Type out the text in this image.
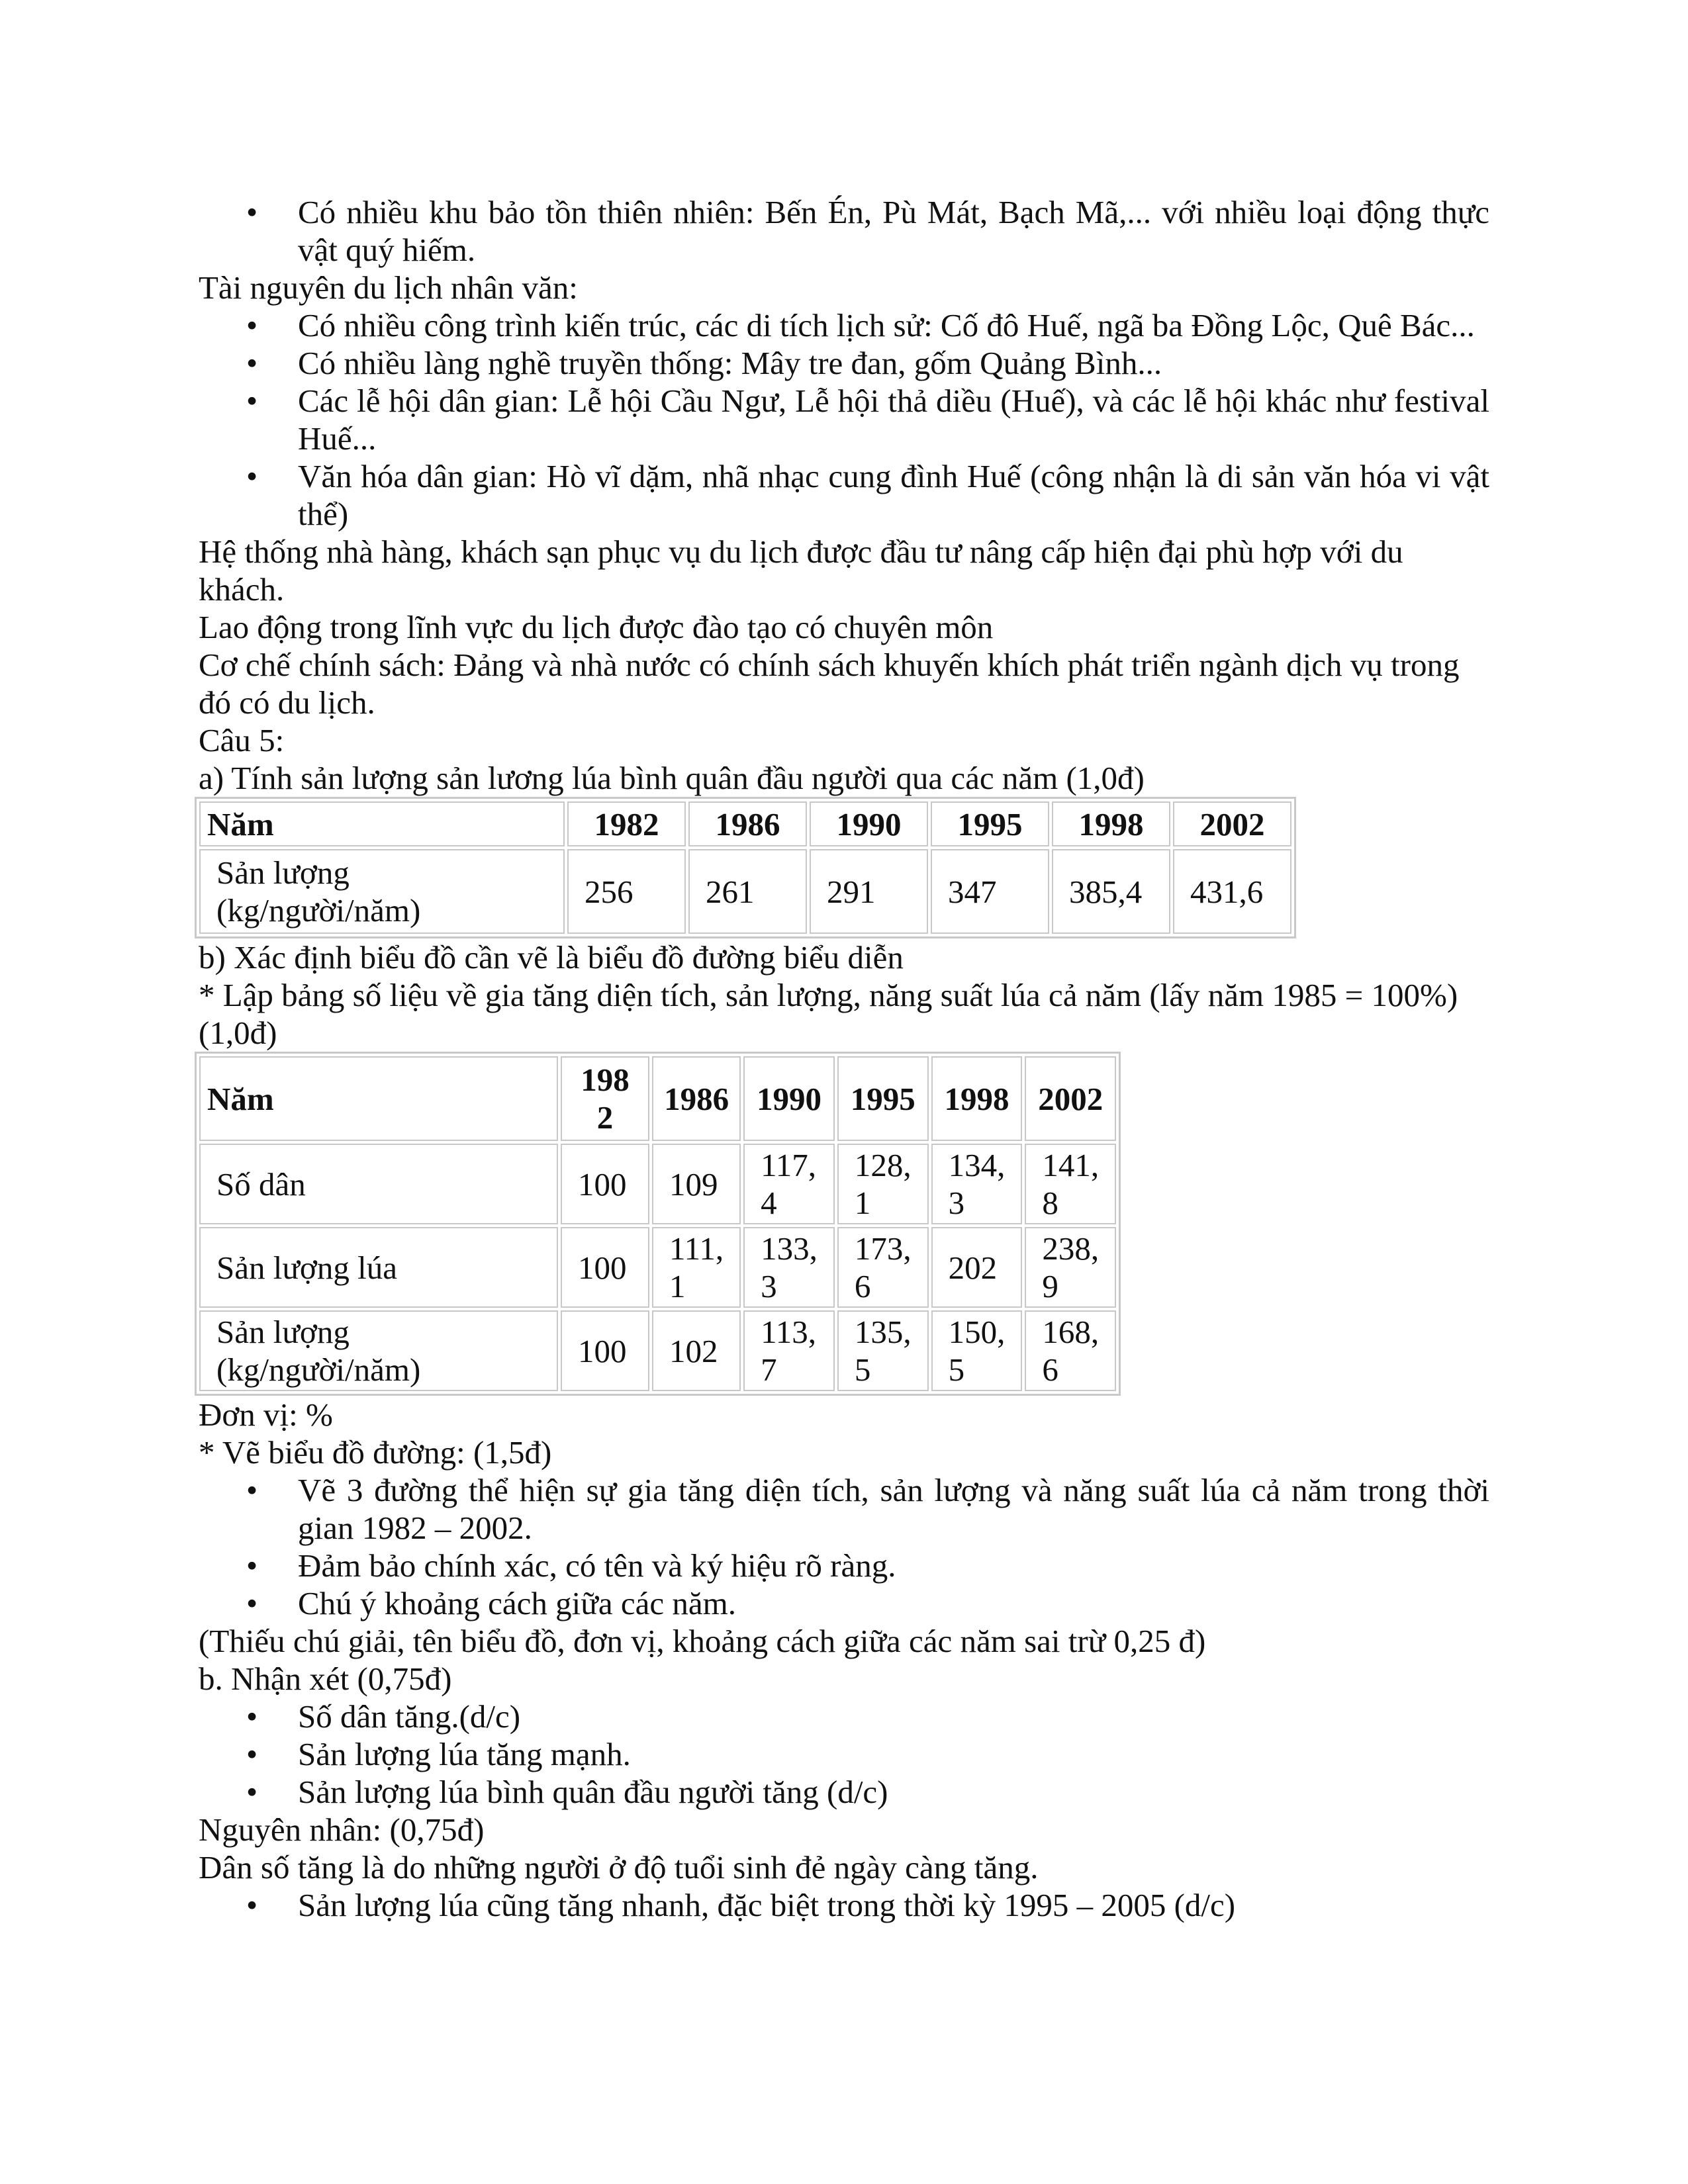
• Có nhiều khu bảo tồn thiên nhiên: Bến Én, Pù Mát, Bạch Mã,... với nhiều loại động thực vật quý hiếm.

Tài nguyên du lịch nhân văn:

• Có nhiều công trình kiến trúc, các di tích lịch sử: Cố đô Huế, ngã ba Đồng Lộc, Quê Bác...
• Có nhiều làng nghề truyền thống: Mây tre đan, gốm Quảng Bình...
• Các lễ hội dân gian: Lễ hội Cầu Ngư, Lễ hội thả diều (Huế), và các lễ hội khác như festival Huế...
• Văn hóa dân gian: Hò vĩ dặm, nhã nhạc cung đình Huế (công nhận là di sản văn hóa vi vật thể)

Hệ thống nhà hàng, khách sạn phục vụ du lịch được đầu tư nâng cấp hiện đại phù hợp với du khách.

Lao động trong lĩnh vực du lịch được đào tạo có chuyên môn

Cơ chế chính sách: Đảng và nhà nước có chính sách khuyến khích phát triển ngành dịch vụ trong đó có du lịch.

Câu 5:

a) Tính sản lượng sản lương lúa bình quân đầu người qua các năm (1,0đ)

Năm	1982	1986	1990	1995	1998	2002
Sản lượng (kg/người/năm)	256	261	291	347	385,4	431,6

b) Xác định biểu đồ cần vẽ là biểu đồ đường biểu diễn

* Lập bảng số liệu về gia tăng diện tích, sản lượng, năng suất lúa cả năm (lấy năm 1985 = 100%) (1,0đ)

Năm	198 2	1986	1990	1995	1998	2002
Số dân	100	109	117, 4	128, 1	134, 3	141, 8
Sản lượng lúa	100	111, 1	133, 3	173, 6	202	238, 9
Sản lượng (kg/người/năm)	100	102	113, 7	135, 5	150, 5	168, 6

Đơn vị: %

* Vẽ biểu đồ đường: (1,5đ)

• Vẽ 3 đường thể hiện sự gia tăng diện tích, sản lượng và năng suất lúa cả năm trong thời gian 1982 – 2002.
• Đảm bảo chính xác, có tên và ký hiệu rõ ràng.
• Chú ý khoảng cách giữa các năm.

(Thiếu chú giải, tên biểu đồ, đơn vị, khoảng cách giữa các năm sai trừ 0,25 đ)

b. Nhận xét (0,75đ)

• Số dân tăng.(d/c)
• Sản lượng lúa tăng mạnh.
• Sản lượng lúa bình quân đầu người tăng (d/c)

Nguyên nhân: (0,75đ)

Dân số tăng là do những người ở độ tuổi sinh đẻ ngày càng tăng.

• Sản lượng lúa cũng tăng nhanh, đặc biệt trong thời kỳ 1995 – 2005 (d/c)
